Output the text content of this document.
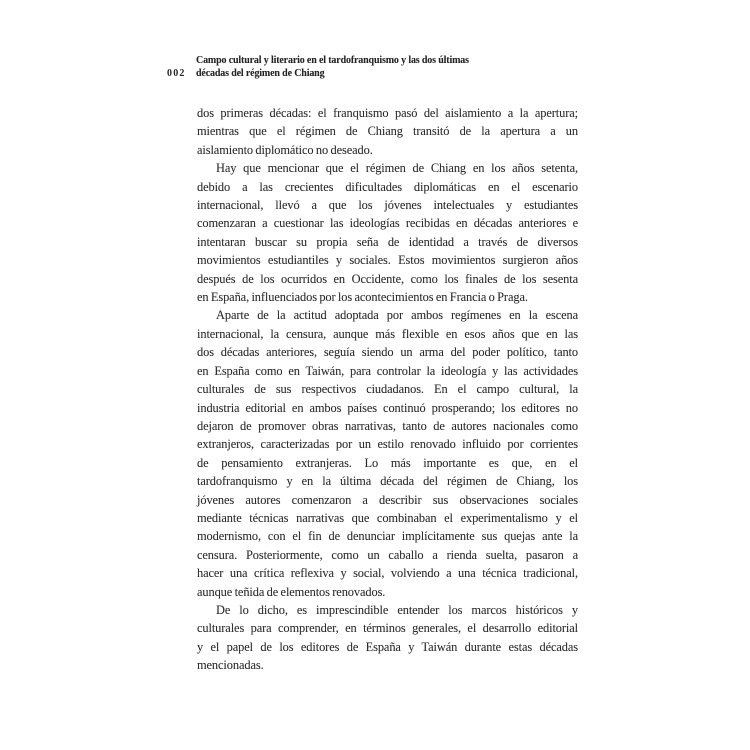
002
Campo cultural y literario en el tardofranquismo y las dos últimas
décadas del régimen de Chiang
dos primeras décadas: el franquismo pasó del aislamiento a la apertura;
mientras que el régimen de Chiang transitó de la apertura a un
aislamiento diplomático no deseado.
Hay que mencionar que el régimen de Chiang en los años setenta,
debido a las crecientes dificultades diplomáticas en el escenario
internacional, llevó a que los jóvenes intelectuales y estudiantes
comenzaran a cuestionar las ideologías recibidas en décadas anteriores e
intentaran buscar su propia seña de identidad a través de diversos
movimientos estudiantiles y sociales. Estos movimientos surgieron años
después de los ocurridos en Occidente, como los finales de los sesenta
en España, influenciados por los acontecimientos en Francia o Praga.
Aparte de la actitud adoptada por ambos regímenes en la escena
internacional, la censura, aunque más flexible en esos años que en las
dos décadas anteriores, seguía siendo un arma del poder político, tanto
en España como en Taiwán, para controlar la ideología y las actividades
culturales de sus respectivos ciudadanos. En el campo cultural, la
industria editorial en ambos países continuó prosperando; los editores no
dejaron de promover obras narrativas, tanto de autores nacionales como
extranjeros, caracterizadas por un estilo renovado influido por corrientes
de pensamiento extranjeras. Lo más importante es que, en el
tardofranquismo y en la última década del régimen de Chiang, los
jóvenes autores comenzaron a describir sus observaciones sociales
mediante técnicas narrativas que combinaban el experimentalismo y el
modernismo, con el fin de denunciar implícitamente sus quejas ante la
censura. Posteriormente, como un caballo a rienda suelta, pasaron a
hacer una crítica reflexiva y social, volviendo a una técnica tradicional,
aunque teñida de elementos renovados.
De lo dicho, es imprescindible entender los marcos históricos y
culturales para comprender, en términos generales, el desarrollo editorial
y el papel de los editores de España y Taiwán durante estas décadas
mencionadas.
